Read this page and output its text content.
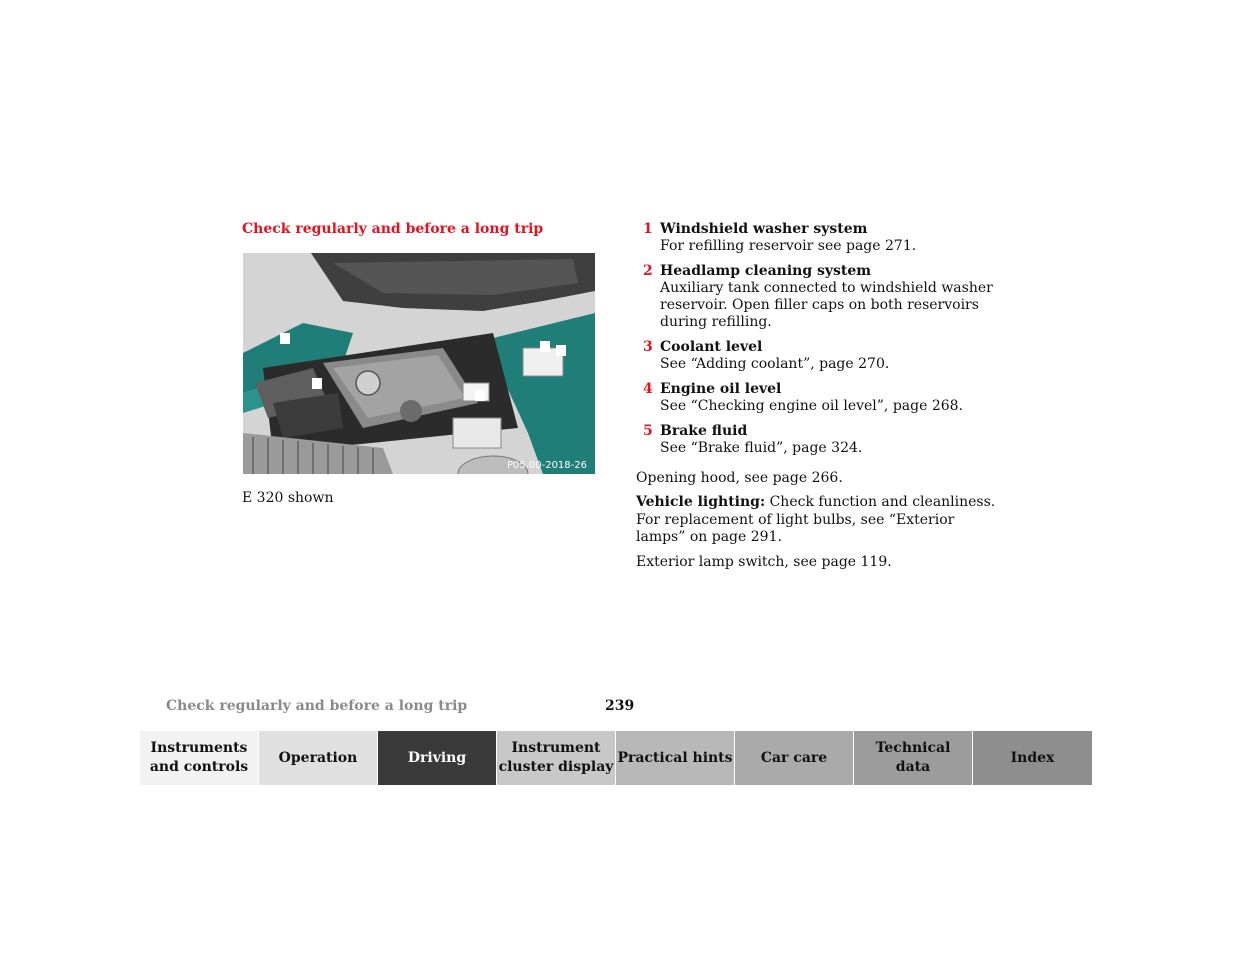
Check regularly and before a long trip
P05.00-2018-26
E 320 shown
1 Windshield washer system
For refilling reservoir see page 271.
2 Headlamp cleaning system
Auxiliary tank connected to windshield washer reservoir. Open filler caps on both reservoirs during refilling.
3 Coolant level
See “Adding coolant”, page 270.
4 Engine oil level
See “Checking engine oil level”, page 268.
5 Brake fluid
See “Brake fluid”, page 324.
Opening hood, see page 266.
Vehicle lighting: Check function and cleanliness. For replacement of light bulbs, see “Exterior lamps” on page 291.
Exterior lamp switch, see page 119.
Check regularly and before a long trip	239
Instruments
and controls
Operation	Driving
Instrument
cluster display
Practical hints Car care
Technical
data
Index
